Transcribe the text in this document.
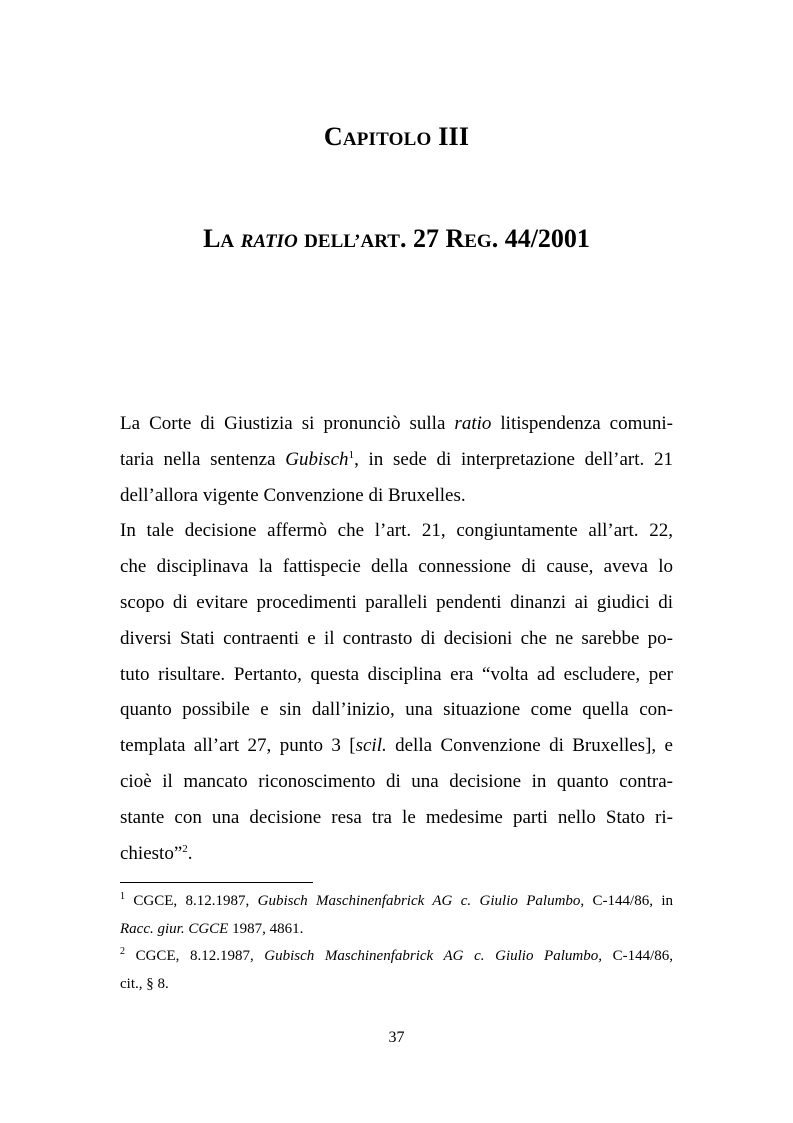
CAPITOLO III
LA RATIO DELL’ART. 27 REG. 44/2001
La Corte di Giustizia si pronunciò sulla ratio litispendenza comuni-
taria nella sentenza Gubisch$^1$, in sede di interpretazione dell’art. 21
dell’allora vigente Convenzione di Bruxelles.
In tale decisione affermò che l’art. 21, congiuntamente all’art. 22,
che disciplinava la fattispecie della connessione di cause, aveva lo
scopo di evitare procedimenti paralleli pendenti dinanzi ai giudici di
diversi Stati contraenti e il contrasto di decisioni che ne sarebbe po-
tuto risultare. Pertanto, questa disciplina era “volta ad escludere, per
quanto possibile e sin dall’inizio, una situazione come quella con-
templata all’art 27, punto 3 [scil. della Convenzione di Bruxelles], e
cioè il mancato riconoscimento di una decisione in quanto contra-
stante con una decisione resa tra le medesime parti nello Stato ri-
chiesto”$^2$.
$^1$ CGCE, 8.12.1987, Gubisch Maschinenfabrick AG c. Giulio Palumbo, C-144/86, in
Racc. giur. CGCE 1987, 4861.
$^2$ CGCE, 8.12.1987, Gubisch Maschinenfabrick AG c. Giulio Palumbo, C-144/86,
cit., § 8.
37
